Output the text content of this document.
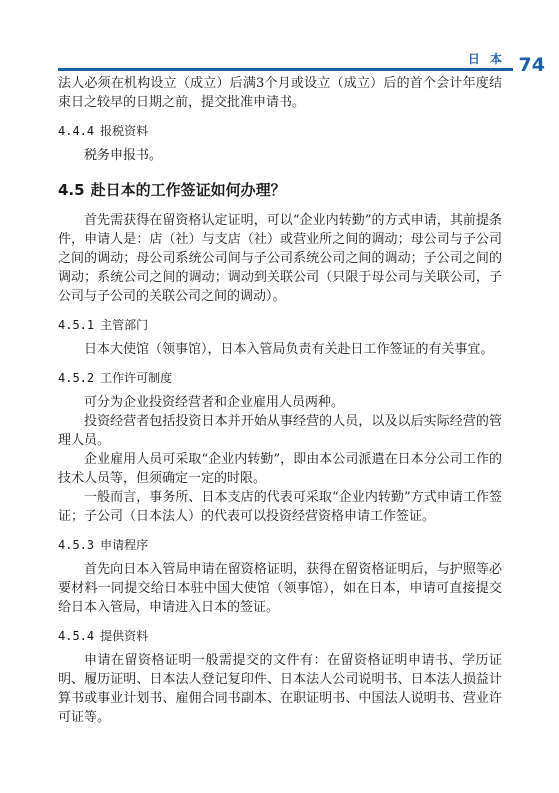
日 本 74

法人必须在机构设立（成立）后满3个月或设立（成立）后的首个会计年度结束日之较早的日期之前，提交批准申请书。

4.4.4 报税资料

税务申报书。

4.5 赴日本的工作签证如何办理？

首先需获得在留资格认定证明，可以“企业内转勤”的方式申请，其前提条件，申请人是：店（社）与支店（社）或营业所之间的调动；母公司与子公司之间的调动；母公司系统公司间与子公司系统公司之间的调动；子公司之间的调动；系统公司之间的调动；调动到关联公司（只限于母公司与关联公司，子公司与子公司的关联公司之间的调动）。

4.5.1 主管部门

日本大使馆（领事馆），日本入管局负责有关赴日工作签证的有关事宜。

4.5.2 工作许可制度

可分为企业投资经营者和企业雇用人员两种。

投资经营者包括投资日本并开始从事经营的人员，以及以后实际经营的管理人员。

企业雇用人员可采取“企业内转勤”，即由本公司派遣在日本分公司工作的技术人员等，但须确定一定的时限。

一般而言，事务所、日本支店的代表可采取“企业内转勤”方式申请工作签证；子公司（日本法人）的代表可以投资经营资格申请工作签证。

4.5.3 申请程序

首先向日本入管局申请在留资格证明，获得在留资格证明后，与护照等必要材料一同提交给日本驻中国大使馆（领事馆），如在日本，申请可直接提交给日本入管局，申请进入日本的签证。

4.5.4 提供资料

申请在留资格证明一般需提交的文件有：在留资格证明申请书、学历证明、履历证明、日本法人登记复印件、日本法人公司说明书、日本法人损益计算书或事业计划书、雇佣合同书副本、在职证明书、中国法人说明书、营业许可证等。
